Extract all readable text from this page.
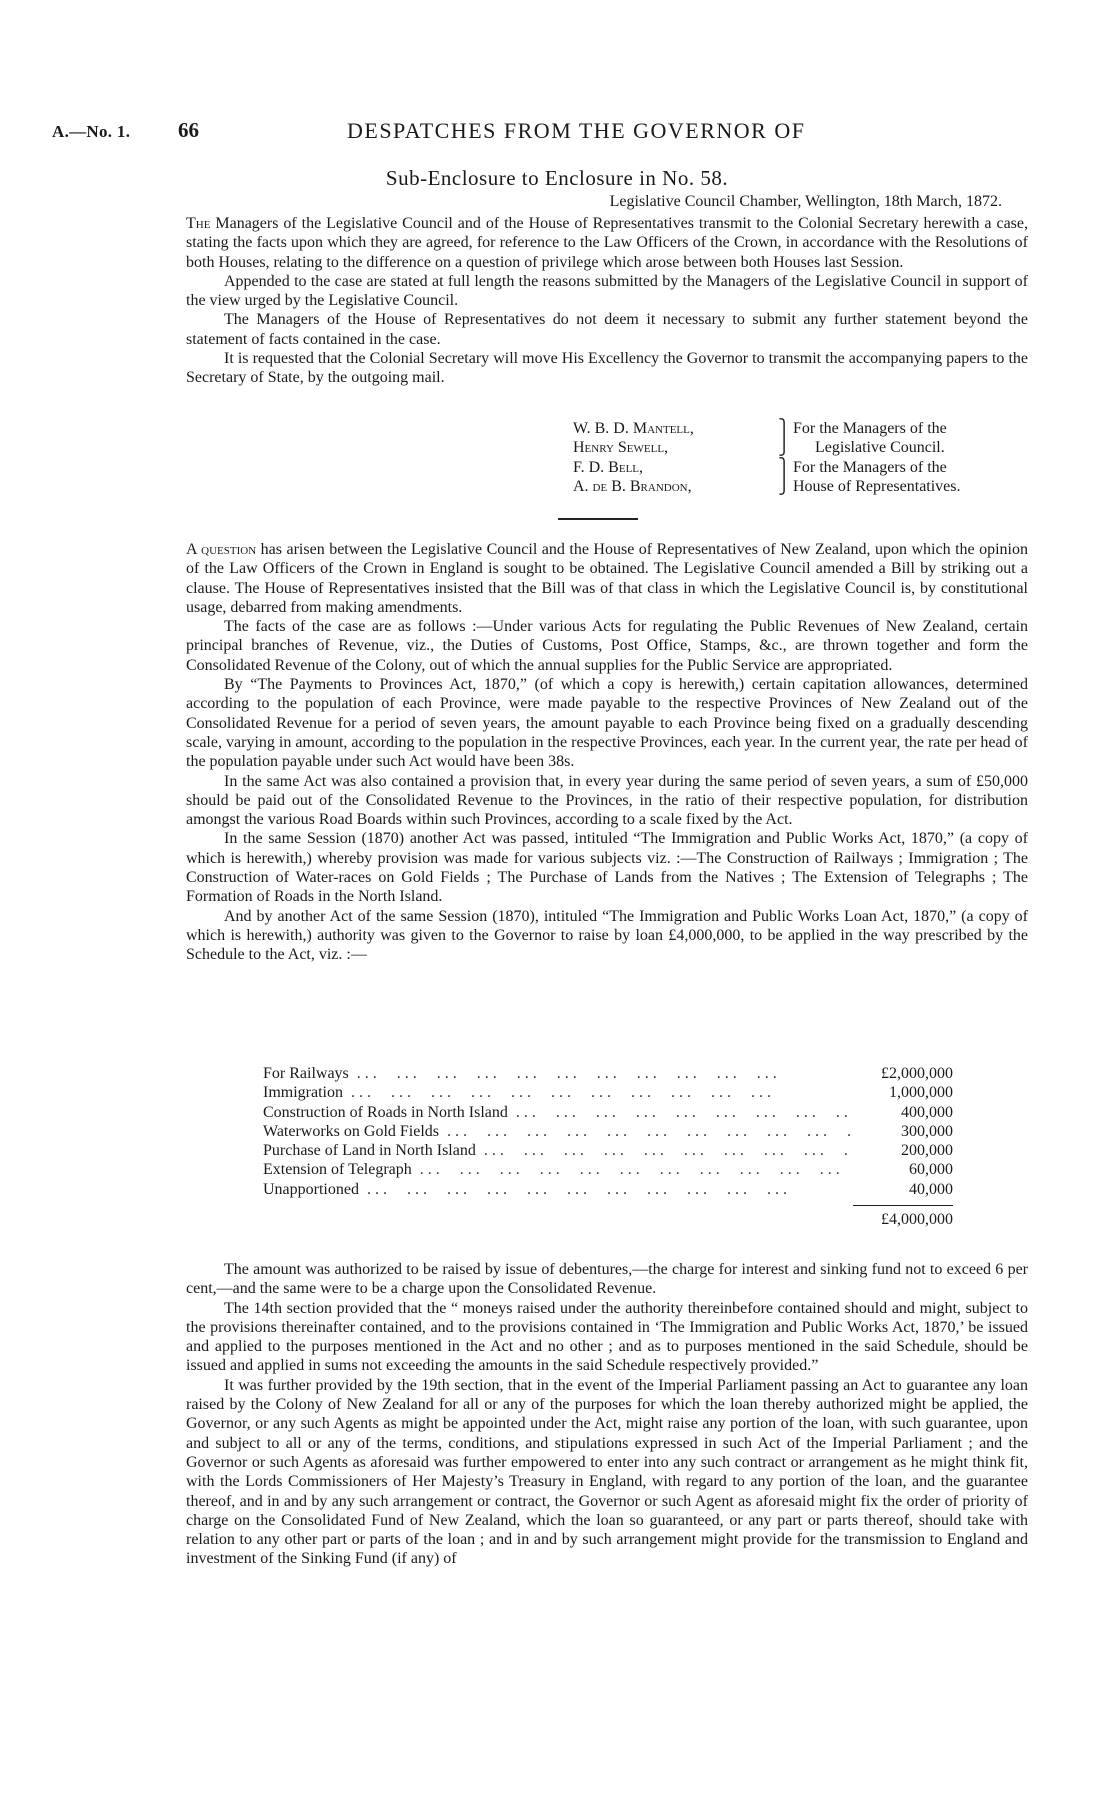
A.—No. 1. 66	DESPATCHES FROM THE GOVERNOR OF
Sub-Enclosure to Enclosure in No. 58.
Legislative Council Chamber, Wellington, 18th March, 1872.

The Managers of the Legislative Council and of the House of Representatives transmit to the Colonial Secretary herewith a case, stating the facts upon which they are agreed, for reference to the Law Officers of the Crown, in accordance with the Resolutions of both Houses, relating to the difference on a question of privilege which arose between both Houses last Session.

Appended to the case are stated at full length the reasons submitted by the Managers of the Legislative Council in support of the view urged by the Legislative Council.

The Managers of the House of Representatives do not deem it necessary to submit any further statement beyond the statement of facts contained in the case.

It is requested that the Colonial Secretary will move His Excellency the Governor to transmit the accompanying papers to the Secretary of State, by the outgoing mail.

W. B. D. Mantell,	⎫ For the Managers of the
Henry Sewell,	⎭	Legislative Council.
F. D. Bell,	⎫ For the Managers of the
A. de B. Brandon,	⎭ House of Representatives.

A question has arisen between the Legislative Council and the House of Representatives of New Zealand, upon which the opinion of the Law Officers of the Crown in England is sought to be obtained. The Legislative Council amended a Bill by striking out a clause. The House of Representatives insisted that the Bill was of that class in which the Legislative Council is, by constitutional usage, debarred from making amendments.

The facts of the case are as follows :—Under various Acts for regulating the Public Revenues of New Zealand, certain principal branches of Revenue, viz., the Duties of Customs, Post Office, Stamps, &c., are thrown together and form the Consolidated Revenue of the Colony, out of which the annual supplies for the Public Service are appropriated.

By “The Payments to Provinces Act, 1870,” (of which a copy is herewith,) certain capitation allowances, determined according to the population of each Province, were made payable to the respective Provinces of New Zealand out of the Consolidated Revenue for a period of seven years, the amount payable to each Province being fixed on a gradually descending scale, varying in amount, according to the population in the respective Provinces, each year. In the current year, the rate per head of the population payable under such Act would have been 38s.

In the same Act was also contained a provision that, in every year during the same period of seven years, a sum of £50,000 should be paid out of the Consolidated Revenue to the Provinces, in the ratio of their respective population, for distribution amongst the various Road Boards within such Provinces, according to a scale fixed by the Act.

In the same Session (1870) another Act was passed, intituled “The Immigration and Public Works Act, 1870,” (a copy of which is herewith,) whereby provision was made for various subjects viz. :—The Construction of Railways ; Immigration ; The Construction of Water-races on Gold Fields ; The Purchase of Lands from the Natives ; The Extension of Telegraphs ; The Formation of Roads in the North Island.

And by another Act of the same Session (1870), intituled “The Immigration and Public Works Loan Act, 1870,” (a copy of which is herewith,) authority was given to the Governor to raise by loan £4,000,000, to be applied in the way prescribed by the Schedule to the Act, viz. :—

For Railways . . .	£2,000,000
Immigration . . .	1,000,000
Construction of Roads in North Island . . .	400,000
Waterworks on Gold Fields . . .	300,000
Purchase of Land in North Island . . .	200,000
Extension of Telegraph . . .	60,000
Unapportioned . . .	40,000
£4,000,000

The amount was authorized to be raised by issue of debentures,—the charge for interest and sinking fund not to exceed 6 per cent,—and the same were to be a charge upon the Consolidated Revenue.

The 14th section provided that the “ moneys raised under the authority thereinbefore contained should and might, subject to the provisions thereinafter contained, and to the provisions contained in ‘The Immigration and Public Works Act, 1870,’ be issued and applied to the purposes mentioned in the Act and no other ; and as to purposes mentioned in the said Schedule, should be issued and applied in sums not exceeding the amounts in the said Schedule respectively provided.”

It was further provided by the 19th section, that in the event of the Imperial Parliament passing an Act to guarantee any loan raised by the Colony of New Zealand for all or any of the purposes for which the loan thereby authorized might be applied, the Governor, or any such Agents as might be appointed under the Act, might raise any portion of the loan, with such guarantee, upon and subject to all or any of the terms, conditions, and stipulations expressed in such Act of the Imperial Parliament ; and the Governor or such Agents as aforesaid was further empowered to enter into any such contract or arrangement as he might think fit, with the Lords Commissioners of Her Majesty’s Treasury in England, with regard to any portion of the loan, and the guarantee thereof, and in and by any such arrangement or contract, the Governor or such Agent as aforesaid might fix the order of priority of charge on the Consolidated Fund of New Zealand, which the loan so guaranteed, or any part or parts thereof, should take with relation to any other part or parts of the loan ; and in and by such arrangement might provide for the transmission to England and investment of the Sinking Fund (if any) of
